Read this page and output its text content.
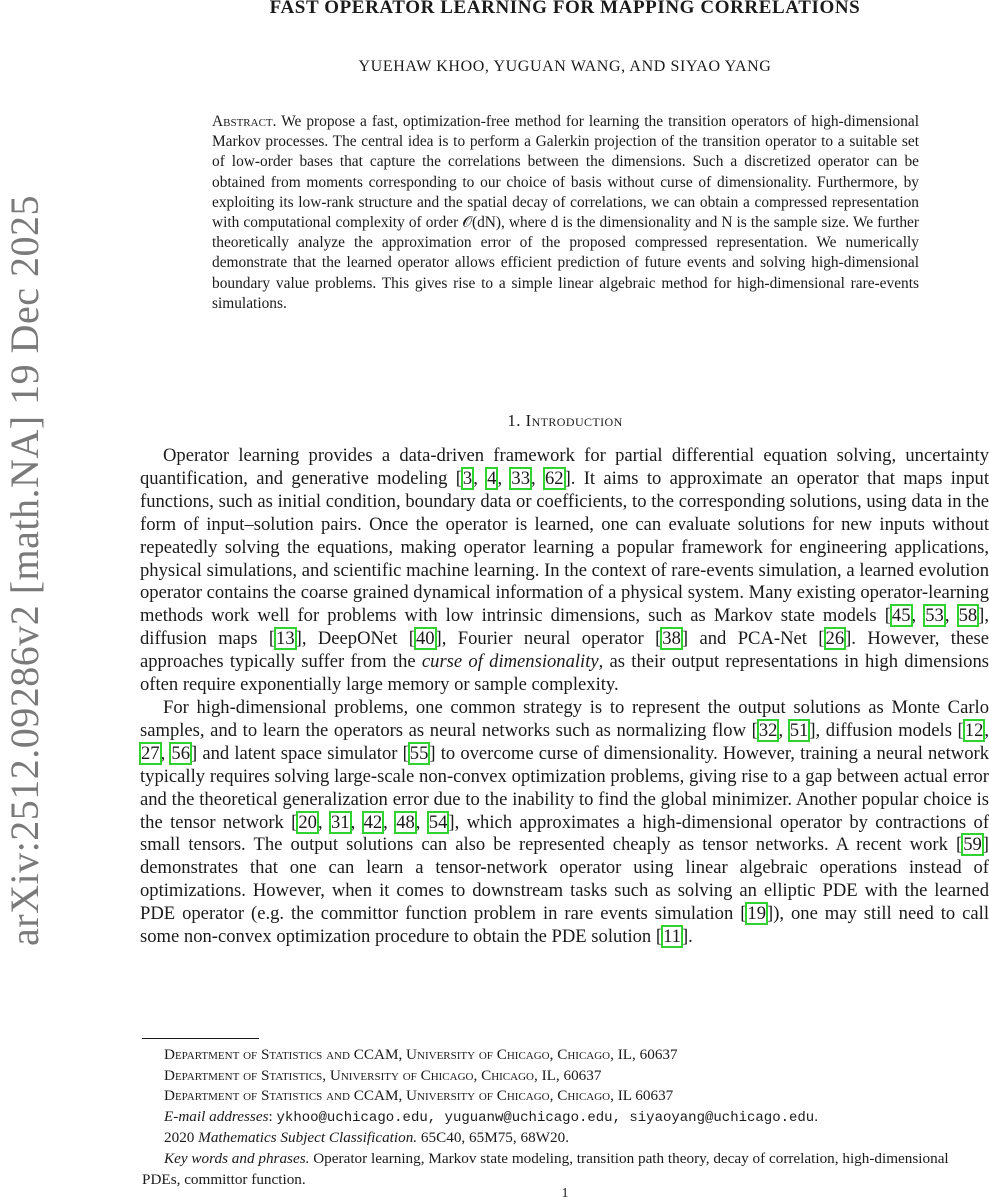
arXiv:2512.09286v2 [math.NA] 19 Dec 2025
FAST OPERATOR LEARNING FOR MAPPING CORRELATIONS
YUEHAW KHOO, YUGUAN WANG, AND SIYAO YANG
Abstract. We propose a fast, optimization-free method for learning the transition operators of high-dimensional Markov processes. The central idea is to perform a Galerkin projection of the transition operator to a suitable set of low-order bases that capture the correlations between the dimensions. Such a discretized operator can be obtained from moments corresponding to our choice of basis without curse of dimensionality. Furthermore, by exploiting its low-rank structure and the spatial decay of correlations, we can obtain a compressed representation with computational complexity of order 𝒪(dN), where d is the dimensionality and N is the sample size. We further theoretically analyze the approximation error of the proposed compressed representation. We numerically demonstrate that the learned operator allows efficient prediction of future events and solving high-dimensional boundary value problems. This gives rise to a simple linear algebraic method for high-dimensional rare-events simulations.
1. Introduction

Operator learning provides a data-driven framework for partial differential equation solving, uncertainty quantification, and generative modeling [3, 4, 33, 62]. It aims to approximate an operator that maps input functions, such as initial condition, boundary data or coefficients, to the corresponding solutions, using data in the form of input–solution pairs. Once the operator is learned, one can evaluate solutions for new inputs without repeatedly solving the equations, making operator learning a popular framework for engineering applications, physical simulations, and scientific machine learning. In the context of rare-events simulation, a learned evolution operator contains the coarse grained dynamical information of a physical system. Many existing operator-learning methods work well for problems with low intrinsic dimensions, such as Markov state models [45, 53, 58], diffusion maps [13], DeepONet [40], Fourier neural operator [38] and PCA-Net [26]. However, these approaches typically suffer from the curse of dimensionality, as their output representations in high dimensions often require exponentially large memory or sample complexity.

For high-dimensional problems, one common strategy is to represent the output solutions as Monte Carlo samples, and to learn the operators as neural networks such as normalizing flow [32, 51], diffusion models [12, 27, 56] and latent space simulator [55] to overcome curse of dimensionality. However, training a neural network typically requires solving large-scale non-convex optimization problems, giving rise to a gap between actual error and the theoretical generalization error due to the inability to find the global minimizer. Another popular choice is the tensor network [20, 31, 42, 48, 54], which approximates a high-dimensional operator by contractions of small tensors. The output solutions can also be represented cheaply as tensor networks. A recent work [59] demonstrates that one can learn a tensor-network operator using linear algebraic operations instead of optimizations. However, when it comes to downstream tasks such as solving an elliptic PDE with the learned PDE operator (e.g. the committor function problem in rare events simulation [19]), one may still need to call some non-convex optimization procedure to obtain the PDE solution [11].

Department of Statistics and CCAM, University of Chicago, Chicago, IL, 60637
Department of Statistics, University of Chicago, Chicago, IL, 60637
Department of Statistics and CCAM, University of Chicago, Chicago, IL 60637
E-mail addresses: ykhoo@uchicago.edu, yuguanw@uchicago.edu, siyaoyang@uchicago.edu.
2020 Mathematics Subject Classification. 65C40, 65M75, 68W20.
Key words and phrases. Operator learning, Markov state modeling, transition path theory, decay of correlation, high-dimensional PDEs, committor function.
1
